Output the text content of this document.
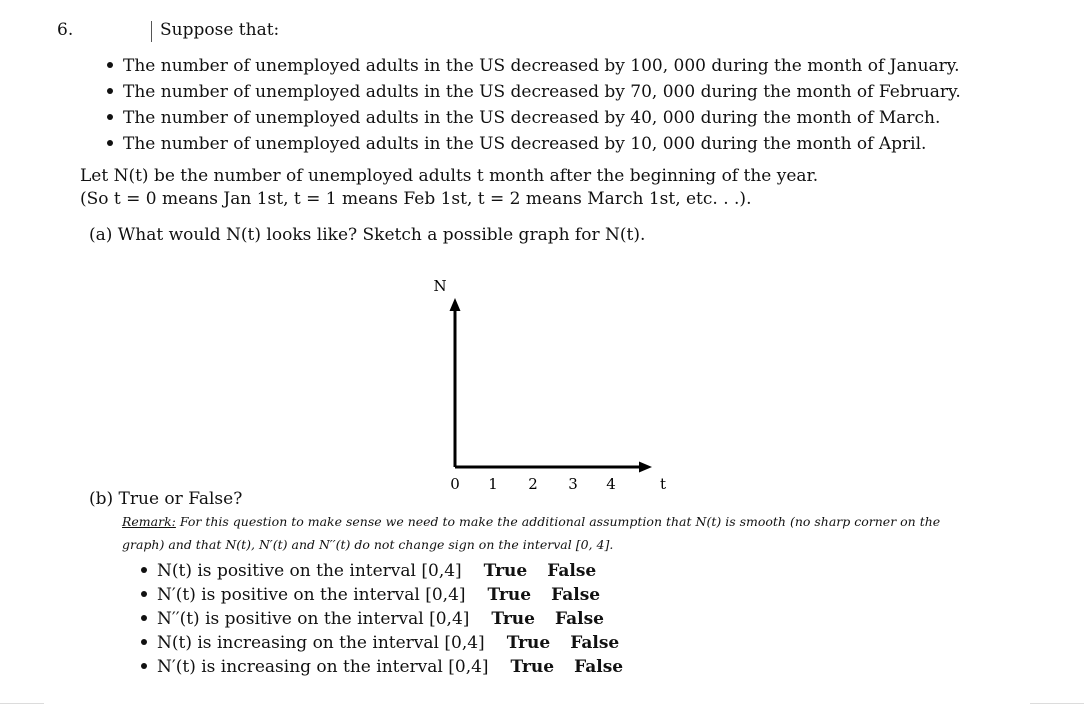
6.	Suppose that:
The number of unemployed adults in the US decreased by 100, 000 during the month of January.
The number of unemployed adults in the US decreased by 70, 000 during the month of February.
The number of unemployed adults in the US decreased by 40, 000 during the month of March.
The number of unemployed adults in the US decreased by 10, 000 during the month of April.
Let N(t) be the number of unemployed adults t month after the beginning of the year.
(So t = 0 means Jan 1st, t = 1 means Feb 1st, t = 2 means March 1st, etc. . .).
(a) What would N(t) looks like? Sketch a possible graph for N(t).
N
0 1 2 3 4	t
(b) True or False?
Remark: For this question to make sense we need to make the additional assumption that N(t) is smooth (no sharp corner on the
graph) and that N(t), N′(t) and N′′(t) do not change sign on the interval [0, 4].
N(t) is positive on the interval [0,4] True False
N′(t) is positive on the interval [0,4] True False
N′′(t) is positive on the interval [0,4] True False
N(t) is increasing on the interval [0,4] True False
N′(t) is increasing on the interval [0,4] True False
